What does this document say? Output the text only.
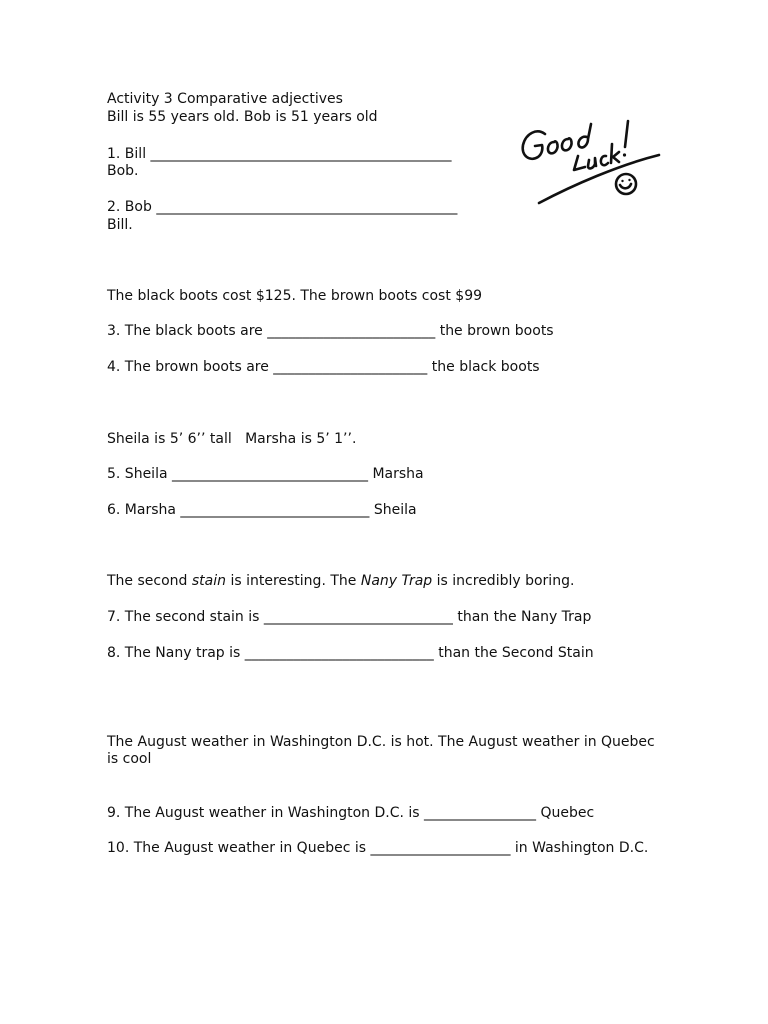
Activity 3 Comparative adjectives
Bill is 55 years old. Bob is 51 years old
1. Bill ___________________________________________
Bob.
2. Bob ___________________________________________
Bill.
The black boots cost $125. The brown boots cost $99
3. The black boots are ________________________ the brown boots
4. The brown boots are ______________________ the black boots
Sheila is 5’ 6’’ tall   Marsha is 5’ 1’’.
5. Sheila ____________________________ Marsha
6. Marsha ___________________________ Sheila
The second stain is interesting. The Nany Trap is incredibly boring.
7. The second stain is ___________________________ than the Nany Trap
8. The Nany trap is ___________________________ than the Second Stain
The August weather in Washington D.C. is hot. The August weather in Quebec
is cool
9. The August weather in Washington D.C. is ________________ Quebec
10. The August weather in Quebec is ____________________ in Washington D.C.
